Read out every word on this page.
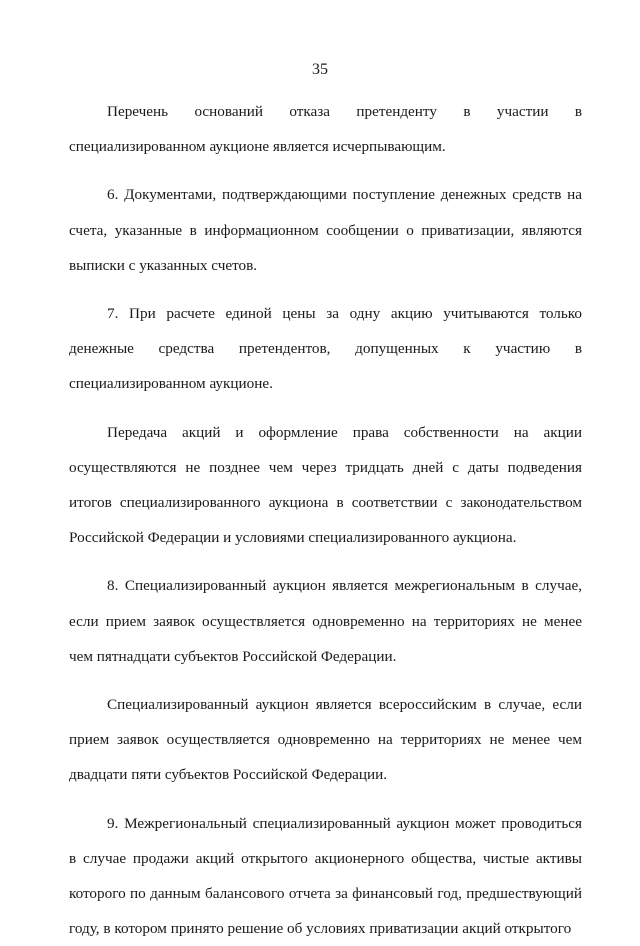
35

Перечень оснований отказа претенденту в участии в специализированном аукционе является исчерпывающим.

6. Документами, подтверждающими поступление денежных средств на счета, указанные в информационном сообщении о приватизации, являются выписки с указанных счетов.

7. При расчете единой цены за одну акцию учитываются только денежные средства претендентов, допущенных к участию в специализированном аукционе.

Передача акций и оформление права собственности на акции осуществляются не позднее чем через тридцать дней с даты подведения итогов специализированного аукциона в соответствии с законодательством Российской Федерации и условиями специализированного аукциона.

8. Специализированный аукцион является межрегиональным в случае, если прием заявок осуществляется одновременно на территориях не менее чем пятнадцати субъектов Российской Федерации.

Специализированный аукцион является всероссийским в случае, если прием заявок осуществляется одновременно на территориях не менее чем двадцати пяти субъектов Российской Федерации.

9. Межрегиональный специализированный аукцион может проводиться в случае продажи акций открытого акционерного общества, чистые активы которого по данным балансового отчета за финансовый год, предшествующий году, в котором принято решение об условиях приватизации акций открытого
